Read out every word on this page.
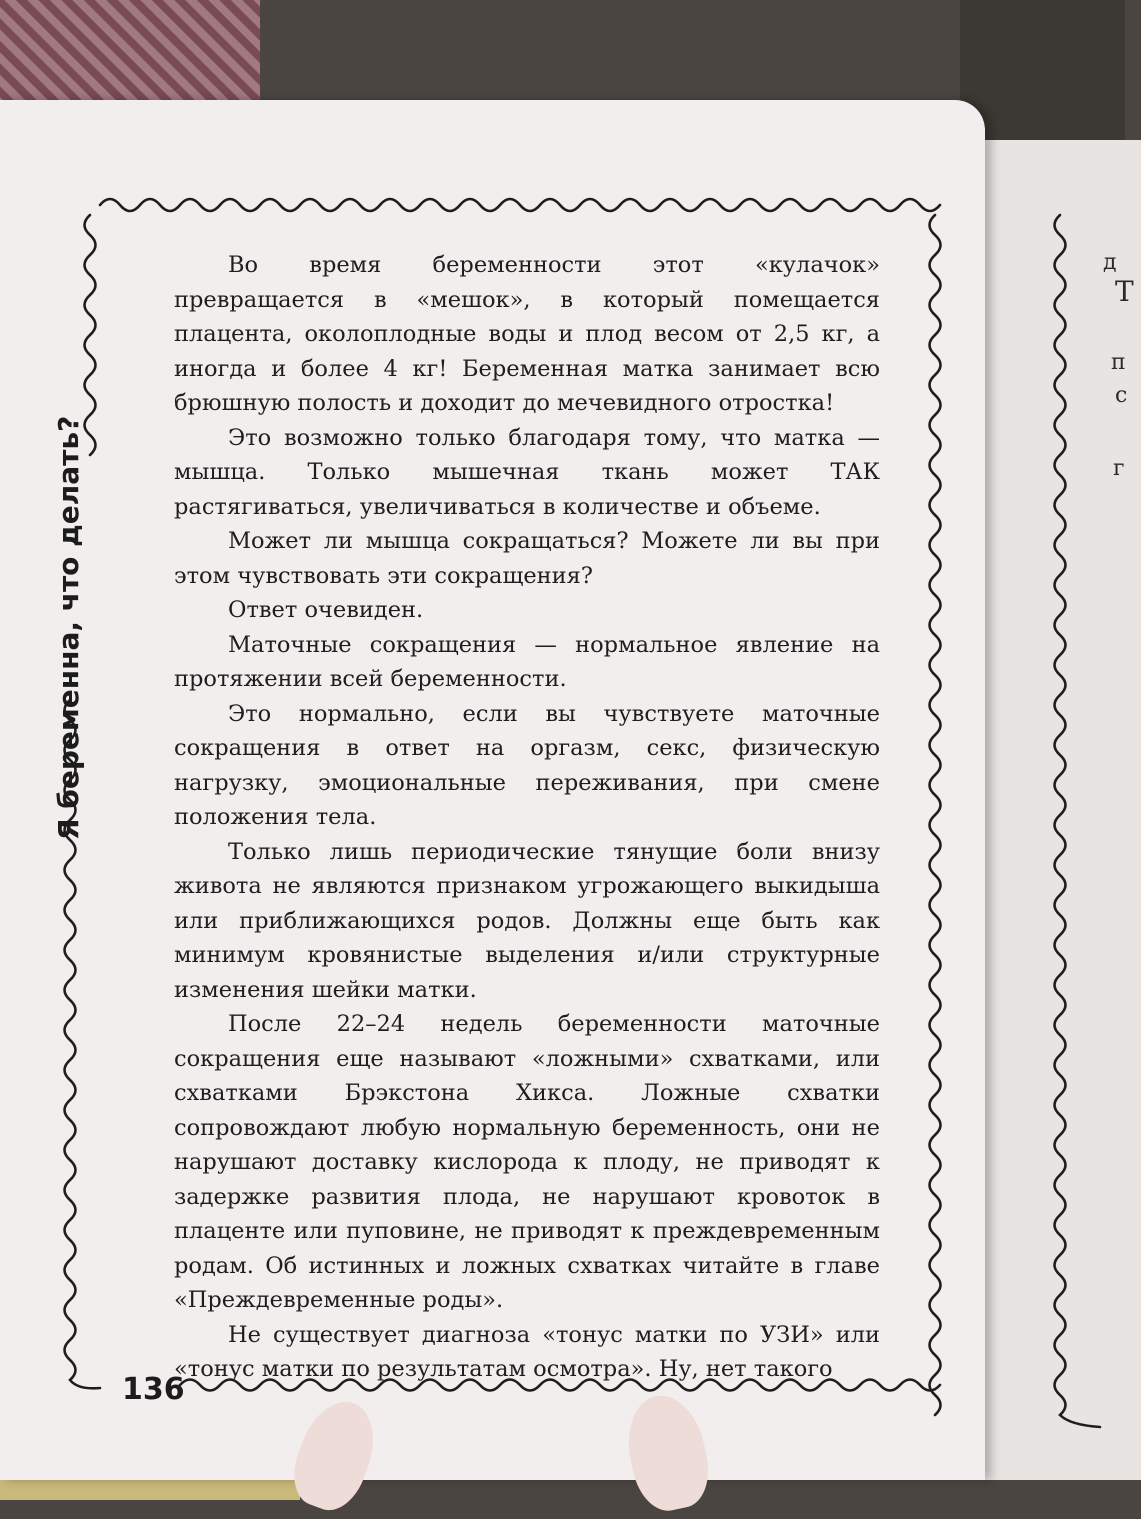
д
Т
п
с
г
Я беременна, что делать?

Во время беременности этот «кулачок» превращается в «мешок», в который помещается плацента, околоплодные воды и плод весом от 2,5 кг, а иногда и более 4 кг! Беременная матка занимает всю брюшную полость и доходит до мечевидного отростка!

Это возможно только благодаря тому, что матка — мышца. Только мышечная ткань может ТАК растягиваться, увеличиваться в количестве и объеме.

Может ли мышца сокращаться? Можете ли вы при этом чувствовать эти сокращения?

Ответ очевиден.

Маточные сокращения — нормальное явление на протяжении всей беременности.

Это нормально, если вы чувствуете маточные сокращения в ответ на оргазм, секс, физическую нагрузку, эмоциональные переживания, при смене положения тела.

Только лишь периодические тянущие боли внизу живота не являются признаком угрожающего выкидыша или приближающихся родов. Должны еще быть как минимум кровянистые выделения и/или структурные изменения шейки матки.

После 22–24 недель беременности маточные сокращения еще называют «ложными» схватками, или схватками Брэкстона Хикса. Ложные схватки сопровождают любую нормальную беременность, они не нарушают доставку кислорода к плоду, не приводят к задержке развития плода, не нарушают кровоток в плаценте или пуповине, не приводят к преждевременным родам. Об истинных и ложных схватках читайте в главе «Преждевременные роды».

Не существует диагноза «тонус матки по УЗИ» или «тонус матки по результатам осмотра». Ну, нет такого

136
